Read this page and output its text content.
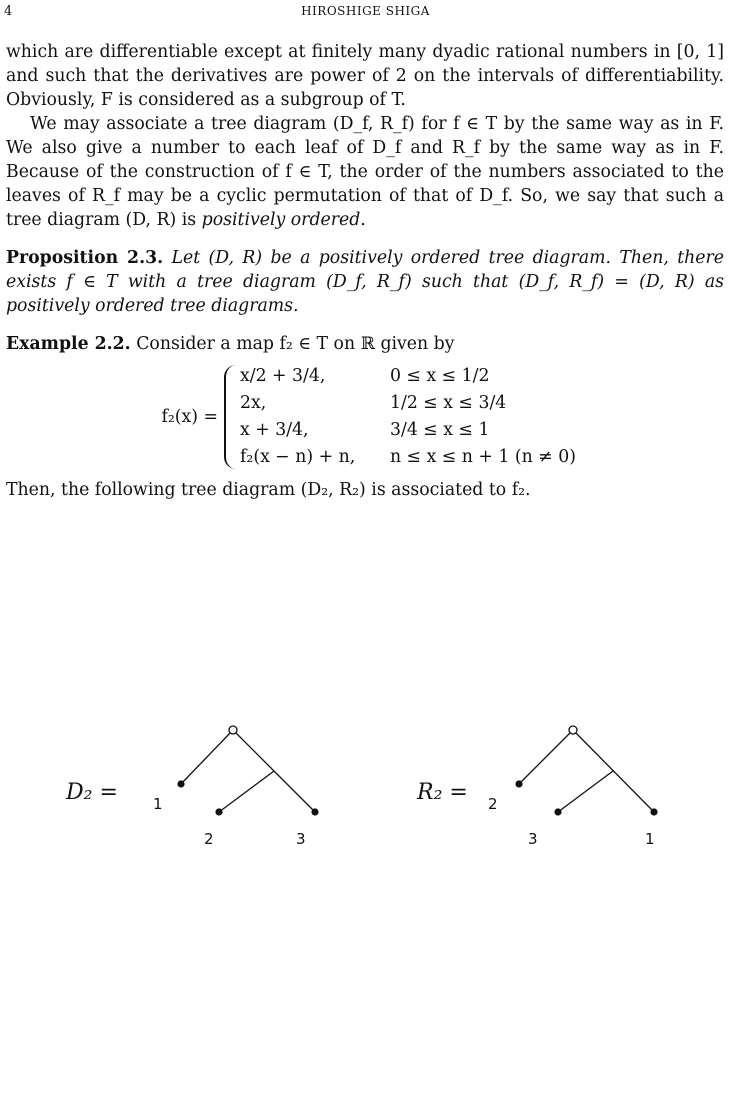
4	HIROSHIGE SHIGA

which are differentiable except at finitely many dyadic rational numbers in [0, 1] and such that the derivatives are power of 2 on the intervals of differentiability. Obviously, F is considered as a subgroup of T.

We may associate a tree diagram (D_f, R_f) for f ∈ T by the same way as in F. We also give a number to each leaf of D_f and R_f by the same way as in F. Because of the construction of f ∈ T, the order of the numbers associated to the leaves of R_f may be a cyclic permutation of that of D_f. So, we say that such a tree diagram (D, R) is positively ordered.

Proposition 2.3. Let (D, R) be a positively ordered tree diagram. Then, there exists f ∈ T with a tree diagram (D_f, R_f) such that (D_f, R_f) = (D, R) as positively ordered tree diagrams.

Example 2.2. Consider a map f₂ ∈ T on ℝ given by

f₂(x) =
x/2 + 3/4,	0 ≤ x ≤ 1/2
2x,	1/2 ≤ x ≤ 3/4
x + 3/4,	3/4 ≤ x ≤ 1
f₂(x − n) + n,	n ≤ x ≤ n + 1 (n ≠ 0)

Then, the following tree diagram (D₂, R₂) is associated to f₂.

D₂ =	R₂ =
1
2	3
2
3	1
